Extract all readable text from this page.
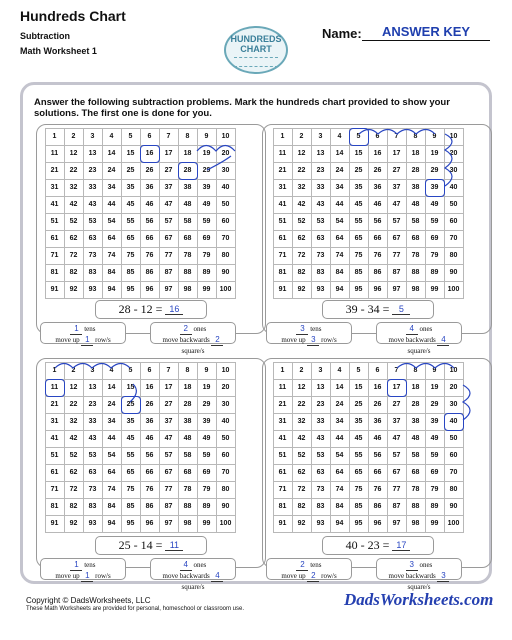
Hundreds Chart
Subtraction
Math Worksheet 1
HUNDREDS
CHART
Name:	ANSWER KEY
Answer the following subtraction problems. Mark the hundreds chart provided to show your solutions. The first one is done for you.
1	2	3	4	5	6	7	8	9	10
11	12	13	14	15	16	17	18	19	20
21	22	23	24	25	26	27	28	29	30
31	32	33	34	35	36	37	38	39	40
41	42	43	44	45	46	47	48	49	50
51	52	53	54	55	56	57	58	59	60
61	62	63	64	65	66	67	68	69	70
71	72	73	74	75	76	77	78	79	80
81	82	83	84	85	86	87	88	89	90
91	92	93	94	95	96	97	98	99	100
1	2	3	4	5	6	7	8	9	10
11	12	13	14	15	16	17	18	19	20
21	22	23	24	25	26	27	28	29	30
31	32	33	34	35	36	37	38	39	40
41	42	43	44	45	46	47	48	49	50
51	52	53	54	55	56	57	58	59	60
61	62	63	64	65	66	67	68	69	70
71	72	73	74	75	76	77	78	79	80
81	82	83	84	85	86	87	88	89	90
91	92	93	94	95	96	97	98	99	100
1	2	3	4	5	6	7	8	9	10
11	12	13	14	15	16	17	18	19	20
21	22	23	24	25	26	27	28	29	30
31	32	33	34	35	36	37	38	39	40
41	42	43	44	45	46	47	48	49	50
51	52	53	54	55	56	57	58	59	60
61	62	63	64	65	66	67	68	69	70
71	72	73	74	75	76	77	78	79	80
81	82	83	84	85	86	87	88	89	90
91	92	93	94	95	96	97	98	99	100
1	2	3	4	5	6	7	8	9	10
11	12	13	14	15	16	17	18	19	20
21	22	23	24	25	26	27	28	29	30
31	32	33	34	35	36	37	38	39	40
41	42	43	44	45	46	47	48	49	50
51	52	53	54	55	56	57	58	59	60
61	62	63	64	65	66	67	68	69	70
71	72	73	74	75	76	77	78	79	80
81	82	83	84	85	86	87	88	89	90
91	92	93	94	95	96	97	98	99	100
28 - 12 = 16	39 - 34 =	5
25 - 14 = 11	40 - 23 = 17
1 tens
move up 1 row/s
2 ones
move backwards 2 square/s
3 tens
move up 3 row/s
4 ones
move backwards 4 square/s
1 tens
move up 1 row/s
4 ones
move backwards 4 square/s
2 tens
move up 2 row/s
3 ones
move backwards 3 square/s
Copyright © DadsWorksheets, LLC
These Math Worksheets are provided for personal, homeschool or classroom use.	DadsWorksheets.com
